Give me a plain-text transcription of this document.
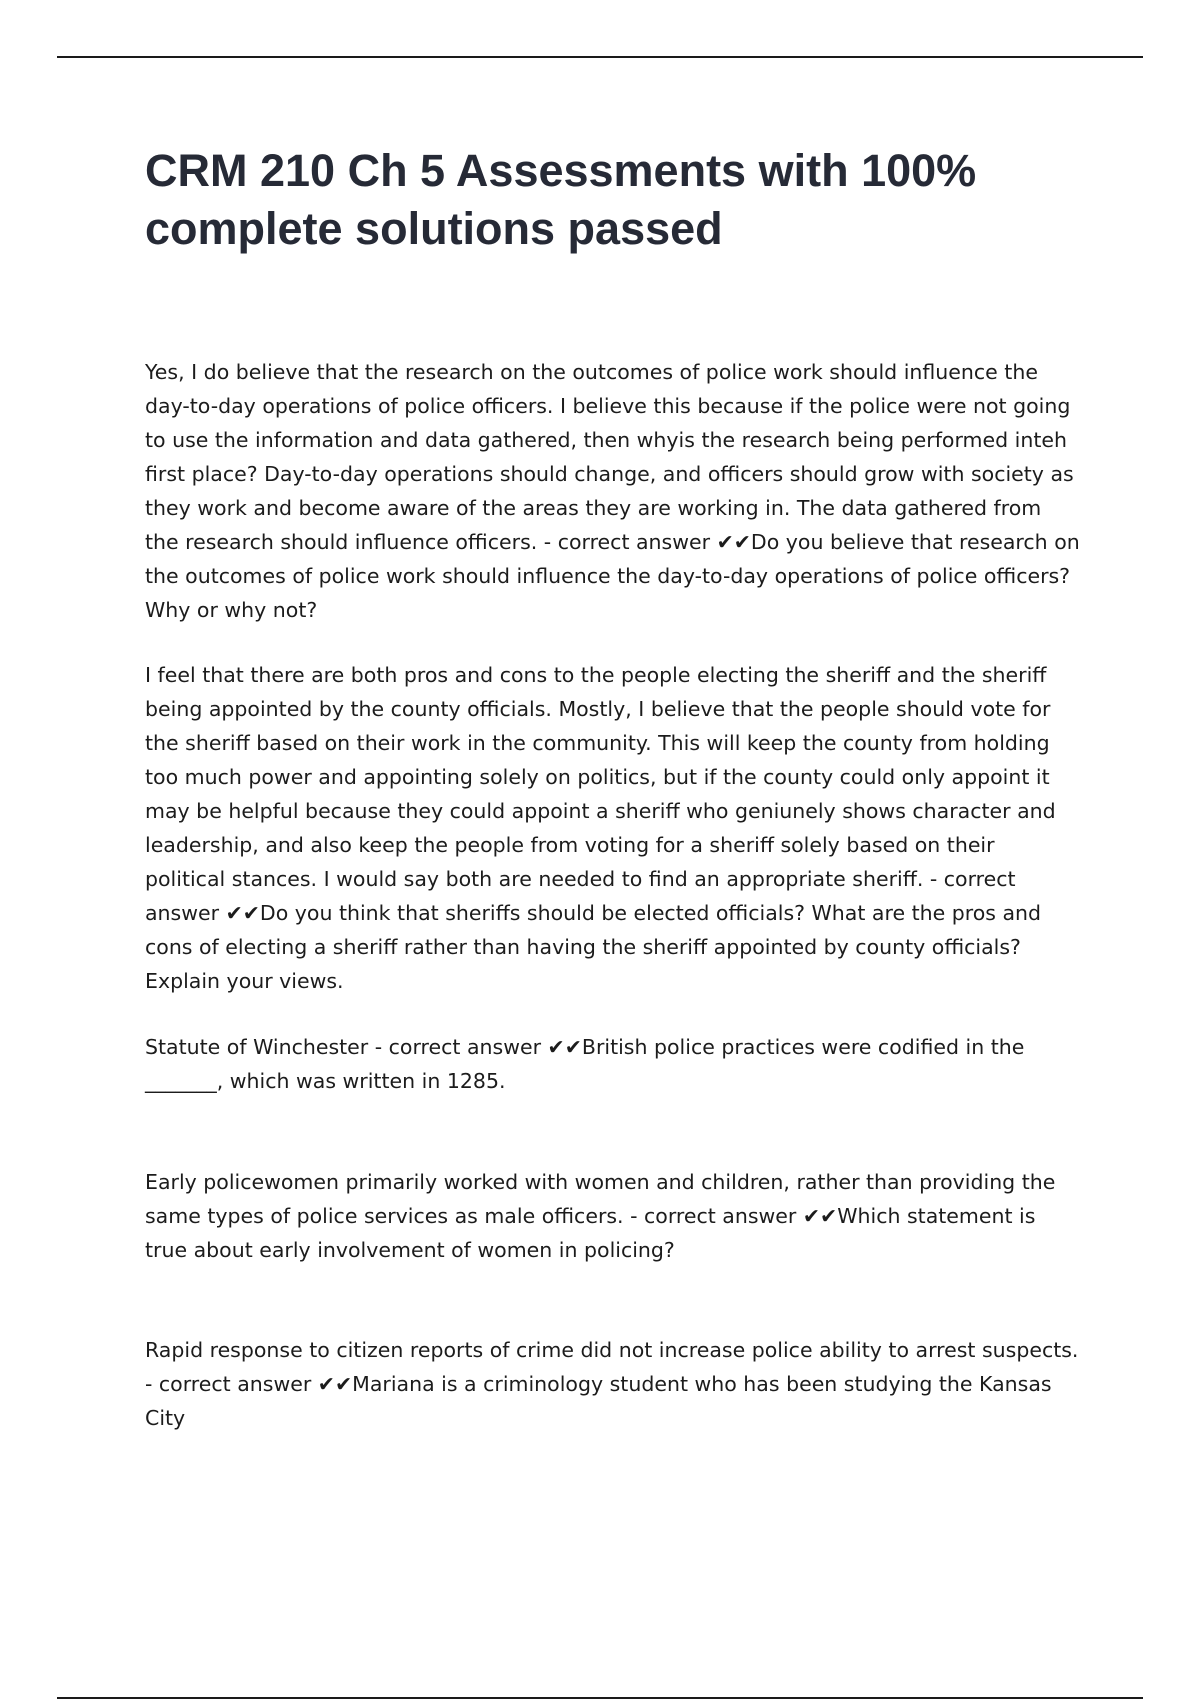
CRM 210 Ch 5 Assessments with 100% complete solutions passed

Yes, I do believe that the research on the outcomes of police work should influence the day-to-day operations of police officers. I believe this because if the police were not going to use the information and data gathered, then whyis the research being performed inteh first place? Day-to-day operations should change, and officers should grow with society as they work and become aware of the areas they are working in. The data gathered from the research should influence officers. - correct answer ✔✔Do you believe that research on the outcomes of police work should influence the day-to-day operations of police officers? Why or why not?

I feel that there are both pros and cons to the people electing the sheriff and the sheriff being appointed by the county officials. Mostly, I believe that the people should vote for the sheriff based on their work in the community. This will keep the county from holding too much power and appointing solely on politics, but if the county could only appoint it may be helpful because they could appoint a sheriff who geniunely shows character and leadership, and also keep the people from voting for a sheriff solely based on their political stances. I would say both are needed to find an appropriate sheriff. - correct answer ✔✔Do you think that sheriffs should be elected officials? What are the pros and cons of electing a sheriff rather than having the sheriff appointed by county officials? Explain your views.

Statute of Winchester - correct answer ✔✔British police practices were codified in the _______, which was written in 1285.

Early policewomen primarily worked with women and children, rather than providing the same types of police services as male officers. - correct answer ✔✔Which statement is true about early involvement of women in policing?

Rapid response to citizen reports of crime did not increase police ability to arrest suspects. - correct answer ✔✔Mariana is a criminology student who has been studying the Kansas City
